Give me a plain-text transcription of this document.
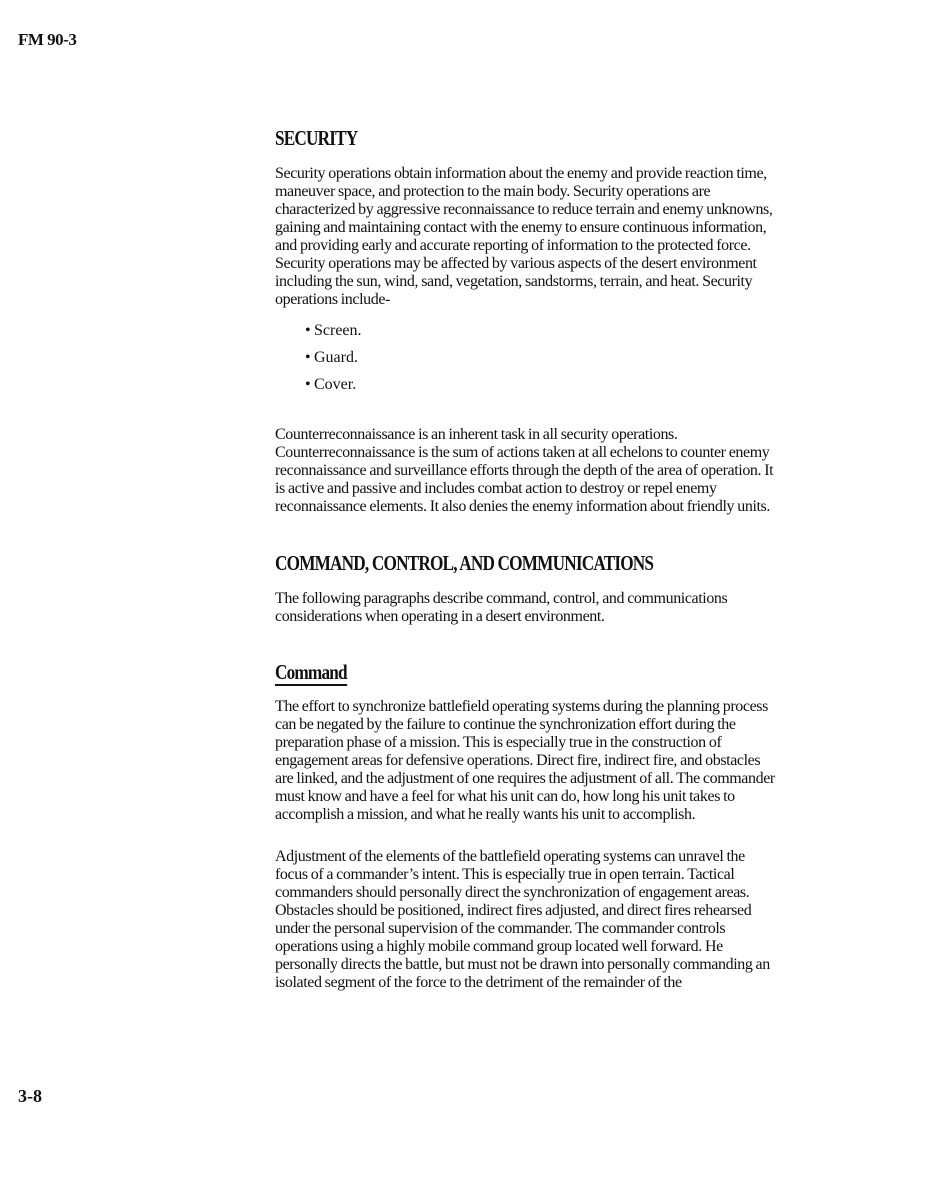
FM 90-3
SECURITY

Security operations obtain information about the enemy and provide reaction time, maneuver space, and protection to the main body. Security operations are characterized by aggressive reconnaissance to reduce terrain and enemy unknowns, gaining and maintaining contact with the enemy to ensure continuous information, and providing early and accurate reporting of information to the protected force. Security operations may be affected by various aspects of the desert environment including the sun, wind, sand, vegetation, sandstorms, terrain, and heat. Security operations include-

• Screen.
• Guard.
• Cover.

Counterreconnaissance is an inherent task in all security operations. Counterreconnaissance is the sum of actions taken at all echelons to counter enemy reconnaissance and surveillance efforts through the depth of the area of operation. It is active and passive and includes combat action to destroy or repel enemy reconnaissance elements. It also denies the enemy information about friendly units.

COMMAND, CONTROL, AND COMMUNICATIONS

The following paragraphs describe command, control, and communications considerations when operating in a desert environment.

Command

The effort to synchronize battlefield operating systems during the planning process can be negated by the failure to continue the synchronization effort during the preparation phase of a mission. This is especially true in the construction of engagement areas for defensive operations. Direct fire, indirect fire, and obstacles are linked, and the adjustment of one requires the adjustment of all. The commander must know and have a feel for what his unit can do, how long his unit takes to accomplish a mission, and what he really wants his unit to accomplish.

Adjustment of the elements of the battlefield operating systems can unravel the focus of a commander’s intent. This is especially true in open terrain. Tactical commanders should personally direct the synchronization of engagement areas. Obstacles should be positioned, indirect fires adjusted, and direct fires rehearsed under the personal supervision of the commander. The commander controls operations using a highly mobile command group located well forward. He personally directs the battle, but must not be drawn into personally commanding an isolated segment of the force to the detriment of the remainder of the

3-8
